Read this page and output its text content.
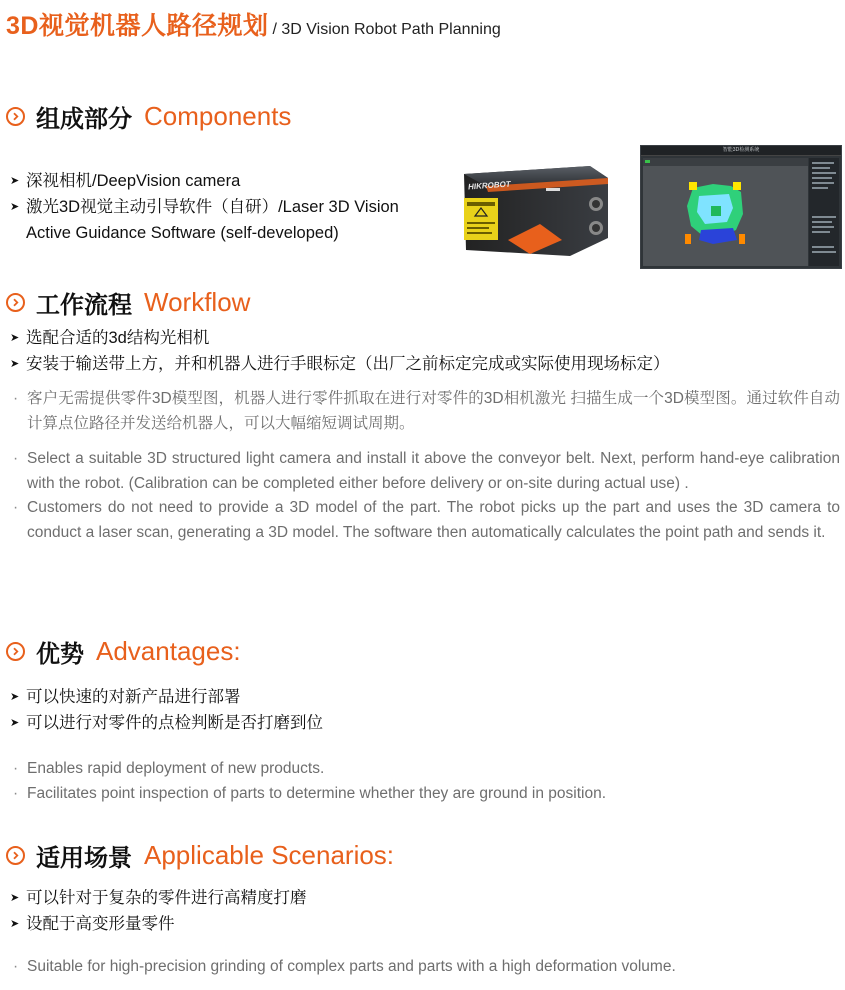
3D视觉机器人路径规划 / 3D Vision Robot Path Planning
组成部分 Components
➤ 深视相机/DeepVision camera
➤ 激光3D视觉主动引导软件（自研）/Laser 3D Vision
Active Guidance Software (self-developed)
HIKROBOT
智能3D检测系统
工作流程 Workflow
➤ 选配合适的3d结构光相机
➤ 安装于输送带上方，并和机器人进行手眼标定（出厂之前标定完成或实际使用现场标定）
· 客户无需提供零件3D模型图，机器人进行零件抓取在进行对零件的3D相机激光 扫描生成一个3D模型图。通过软件自动计算点位路径并发送给机器人，可以大幅缩短调试周期。
· Select a suitable 3D structured light camera and install it above the conveyor belt. Next, perform hand-eye calibration with the robot. (Calibration can be completed either before delivery or on-site during actual use) .
· Customers do not need to provide a 3D model of the part. The robot picks up the part and uses the 3D camera to conduct a laser scan, generating a 3D model. The software then automatically calculates the point path and sends it.
优势 Advantages:
➤ 可以快速的对新产品进行部署
➤ 可以进行对零件的点检判断是否打磨到位
· Enables rapid deployment of new products.
· Facilitates point inspection of parts to determine whether they are ground in position.
适用场景 Applicable Scenarios:
➤ 可以针对于复杂的零件进行高精度打磨
➤ 设配于高变形量零件
· Suitable for high-precision grinding of complex parts and parts with a high deformation volume.
